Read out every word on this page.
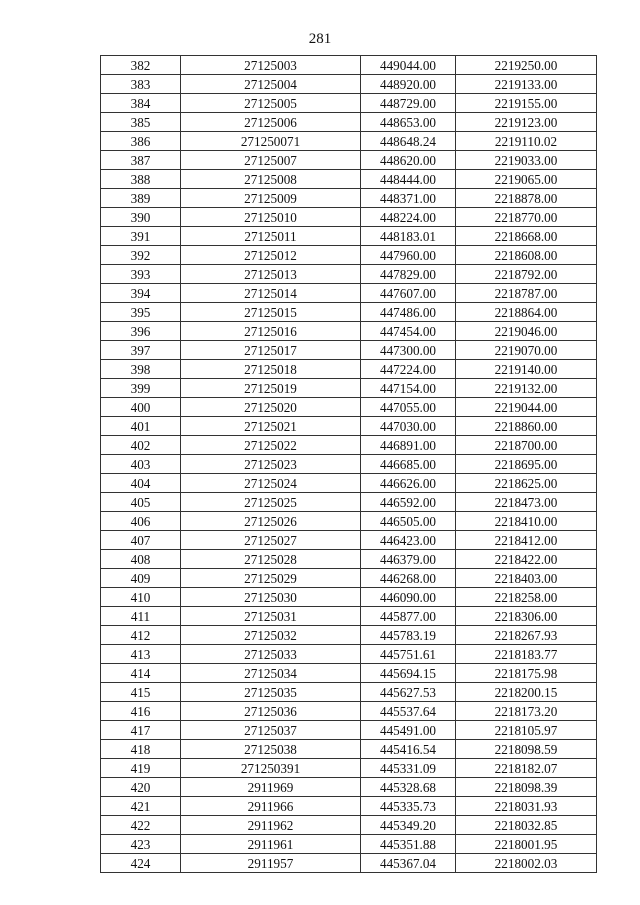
281
382	27125003	449044.00	2219250.00
383	27125004	448920.00	2219133.00
384	27125005	448729.00	2219155.00
385	27125006	448653.00	2219123.00
386	271250071	448648.24	2219110.02
387	27125007	448620.00	2219033.00
388	27125008	448444.00	2219065.00
389	27125009	448371.00	2218878.00
390	27125010	448224.00	2218770.00
391	27125011	448183.01	2218668.00
392	27125012	447960.00	2218608.00
393	27125013	447829.00	2218792.00
394	27125014	447607.00	2218787.00
395	27125015	447486.00	2218864.00
396	27125016	447454.00	2219046.00
397	27125017	447300.00	2219070.00
398	27125018	447224.00	2219140.00
399	27125019	447154.00	2219132.00
400	27125020	447055.00	2219044.00
401	27125021	447030.00	2218860.00
402	27125022	446891.00	2218700.00
403	27125023	446685.00	2218695.00
404	27125024	446626.00	2218625.00
405	27125025	446592.00	2218473.00
406	27125026	446505.00	2218410.00
407	27125027	446423.00	2218412.00
408	27125028	446379.00	2218422.00
409	27125029	446268.00	2218403.00
410	27125030	446090.00	2218258.00
411	27125031	445877.00	2218306.00
412	27125032	445783.19	2218267.93
413	27125033	445751.61	2218183.77
414	27125034	445694.15	2218175.98
415	27125035	445627.53	2218200.15
416	27125036	445537.64	2218173.20
417	27125037	445491.00	2218105.97
418	27125038	445416.54	2218098.59
419	271250391	445331.09	2218182.07
420	2911969	445328.68	2218098.39
421	2911966	445335.73	2218031.93
422	2911962	445349.20	2218032.85
423	2911961	445351.88	2218001.95
424	2911957	445367.04	2218002.03
